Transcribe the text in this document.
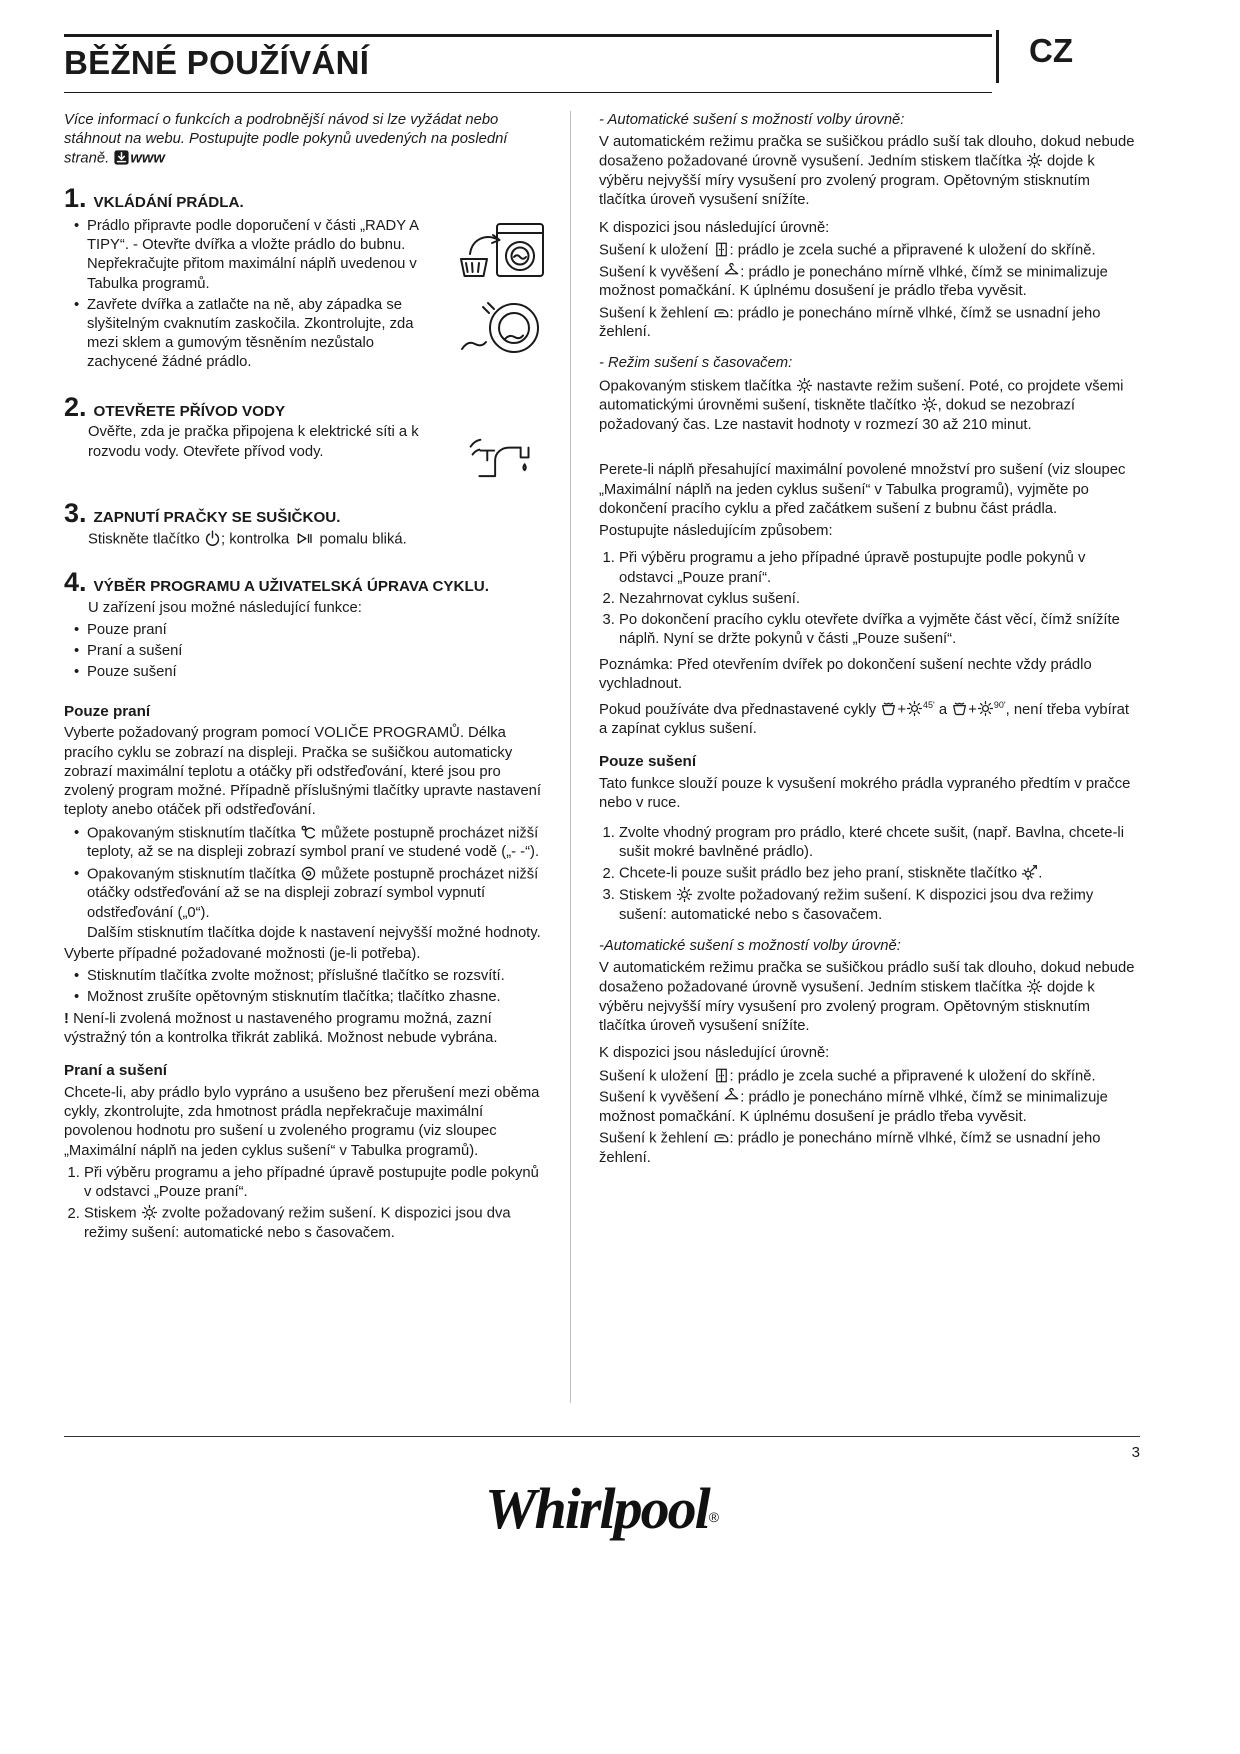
BĚŽNÉ POUŽÍVÁNÍ	CZ

Více informací o funkcích a podrobnější návod si lze vyžádat nebo stáhnout na webu. Postupujte podle pokynů uvedených na poslední straně. www

1. VKLÁDÁNÍ PRÁDLA.
• Prádlo připravte podle doporučení v části „RADY A TIPY“. - Otevřte dvířka a vložte prádlo do bubnu. Nepřekračujte přitom maximální náplň uvedenou v Tabulka programů.
• Zavřete dvířka a zatlačte na ně, aby západka se slyšitelným cvaknutím zaskočila. Zkontrolujte, zda mezi sklem a gumovým těsněním nezůstalo zachycené žádné prádlo.
2. OTEVŘETE PŘÍVOD VODY

Ověřte, zda je pračka připojena k elektrické síti a k rozvodu vody. Otevřete přívod vody.

3. ZAPNUTÍ PRAČKY SE SUŠIČKOU.

Stiskněte tlačítko ; kontrolka pomalu bliká.

4. VÝBĚR PROGRAMU A UŽIVATELSKÁ ÚPRAVA CYKLU.

U zařízení jsou možné následující funkce:

• Pouze praní
• Praní a sušení
• Pouze sušení
Pouze praní

Vyberte požadovaný program pomocí VOLIČE PROGRAMŮ. Délka pracího cyklu se zobrazí na displeji. Pračka se sušičkou automaticky zobrazí maximální teplotu a otáčky při odstřeďování, které jsou pro zvolený program možné. Případně příslušnými tlačítky upravte nastavení teploty anebo otáček při odstřeďování.

• Opakovaným stisknutím tlačítka můžete postupně procházet nižší teploty, až se na displeji zobrazí symbol praní ve studené vodě („- -“).
• Opakovaným stisknutím tlačítka můžete postupně procházet nižší otáčky odstřeďování až se na displeji zobrazí symbol vypnutí odstřeďování („0“).
Dalším stisknutím tlačítka dojde k nastavení nejvyšší možné hodnoty.

Vyberte případné požadované možnosti (je-li potřeba).

• Stisknutím tlačítka zvolte možnost; příslušné tlačítko se rozsvítí.
• Možnost zrušíte opětovným stisknutím tlačítka; tlačítko zhasne.

! Není-li zvolená možnost u nastaveného programu možná, zazní výstražný tón a kontrolka třikrát zabliká. Možnost nebude vybrána.

Praní a sušení

Chcete-li, aby prádlo bylo vypráno a usušeno bez přerušení mezi oběma cykly, zkontrolujte, zda hmotnost prádla nepřekračuje maximální povolenou hodnotu pro sušení u zvoleného programu (viz sloupec „Maximální náplň na jeden cyklus sušení“ v Tabulka programů).

1. Při výběru programu a jeho případné úpravě postupujte podle pokynů v odstavci „Pouze praní“.
2. Stiskem zvolte požadovaný režim sušení. K dispozici jsou dva režimy sušení: automatické nebo s časovačem.
- Automatické sušení s možností volby úrovně:

V automatickém režimu pračka se sušičkou prádlo suší tak dlouho, dokud nebude dosaženo požadované úrovně vysušení. Jedním stiskem tlačítka dojde k výběru nejvyšší míry vysušení pro zvolený program. Opětovným stisknutím tlačítka úroveň vysušení snížíte.

K dispozici jsou následující úrovně:

Sušení k uložení : prádlo je zcela suché a připravené k uložení do skříně.

Sušení k vyvěšení : prádlo je ponecháno mírně vlhké, čímž se minimalizuje možnost pomačkání. K úplnému dosušení je prádlo třeba vyvěsit.

Sušení k žehlení : prádlo je ponecháno mírně vlhké, čímž se usnadní jeho žehlení.

- Režim sušení s časovačem:

Opakovaným stiskem tlačítka nastavte režim sušení. Poté, co projdete všemi automatickými úrovněmi sušení, tiskněte tlačítko , dokud se nezobrazí požadovaný čas. Lze nastavit hodnoty v rozmezí 30 až 210 minut.

Perete-li náplň přesahující maximální povolené množství pro sušení (viz sloupec „Maximální náplň na jeden cyklus sušení“ v Tabulka programů), vyjměte po dokončení pracího cyklu a před začátkem sušení z bubnu část prádla.

Postupujte následujícím způsobem:

1. Při výběru programu a jeho případné úpravě postupujte podle pokynů v odstavci „Pouze praní“.
2. Nezahrnovat cyklus sušení.
3. Po dokončení pracího cyklu otevřete dvířka a vyjměte část věcí, čímž snížíte náplň. Nyní se držte pokynů v části „Pouze sušení“.

Poznámka: Před otevřením dvířek po dokončení sušení nechte vždy prádlo vychladnout.

Pokud používáte dva přednastavené cykly + $^{45'}$ a + $^{90'}$, není třeba vybírat a zapínat cyklus sušení.

Pouze sušení

Tato funkce slouží pouze k vysušení mokrého prádla vypraného předtím v pračce nebo v ruce.

1. Zvolte vhodný program pro prádlo, které chcete sušit, (např. Bavlna, chcete-li sušit mokré bavlněné prádlo).
2. Chcete-li pouze sušit prádlo bez jeho praní, stiskněte tlačítko .
3. Stiskem zvolte požadovaný režim sušení. K dispozici jsou dva režimy sušení: automatické nebo s časovačem.
-Automatické sušení s možností volby úrovně:

V automatickém režimu pračka se sušičkou prádlo suší tak dlouho, dokud nebude dosaženo požadované úrovně vysušení. Jedním stiskem tlačítka dojde k výběru nejvyšší míry vysušení pro zvolený program. Opětovným stisknutím tlačítka úroveň vysušení snížíte.

K dispozici jsou následující úrovně:

Sušení k uložení : prádlo je zcela suché a připravené k uložení do skříně.

Sušení k vyvěšení : prádlo je ponecháno mírně vlhké, čímž se minimalizuje možnost pomačkání. K úplnému dosušení je prádlo třeba vyvěsit.

Sušení k žehlení : prádlo je ponecháno mírně vlhké, čímž se usnadní jeho žehlení.

3
Whirlpool®
